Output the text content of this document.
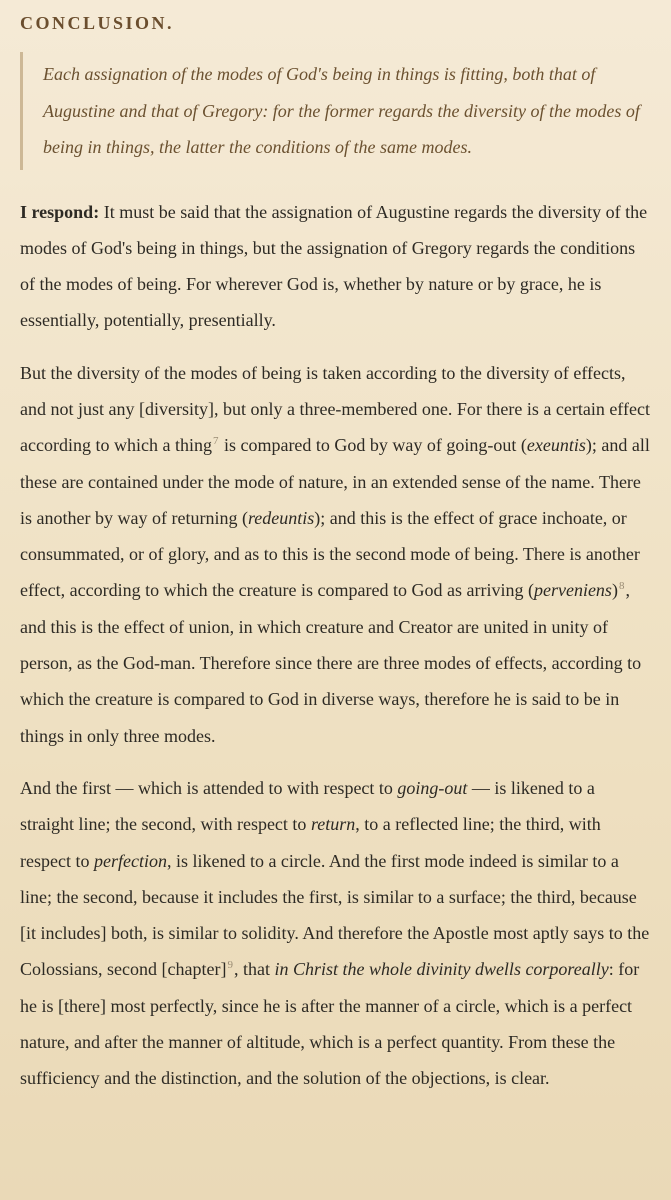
CONCLUSION.
Each assignation of the modes of God's being in things is fitting, both that of Augustine and that of Gregory: for the former regards the diversity of the modes of being in things, the latter the conditions of the same modes.

I respond: It must be said that the assignation of Augustine regards the diversity of the modes of God's being in things, but the assignation of Gregory regards the conditions of the modes of being. For wherever God is, whether by nature or by grace, he is essentially, potentially, presentially.

But the diversity of the modes of being is taken according to the diversity of effects, and not just any [diversity], but only a three-membered one. For there is a certain effect according to which a thing$^7$ is compared to God by way of going-out (exeuntis); and all these are contained under the mode of nature, in an extended sense of the name. There is another by way of returning (redeuntis); and this is the effect of grace inchoate, or consummated, or of glory, and as to this is the second mode of being. There is another effect, according to which the creature is compared to God as arriving (perveniens)$^8$, and this is the effect of union, in which creature and Creator are united in unity of person, as the God-man. Therefore since there are three modes of effects, according to which the creature is compared to God in diverse ways, therefore he is said to be in things in only three modes.

And the first — which is attended to with respect to going-out — is likened to a straight line; the second, with respect to return, to a reflected line; the third, with respect to perfection, is likened to a circle. And the first mode indeed is similar to a line; the second, because it includes the first, is similar to a surface; the third, because [it includes] both, is similar to solidity. And therefore the Apostle most aptly says to the Colossians, second [chapter]$^9$, that in Christ the whole divinity dwells corporeally: for he is [there] most perfectly, since he is after the manner of a circle, which is a perfect nature, and after the manner of altitude, which is a perfect quantity. From these the sufficiency and the distinction, and the solution of the objections, is clear.
